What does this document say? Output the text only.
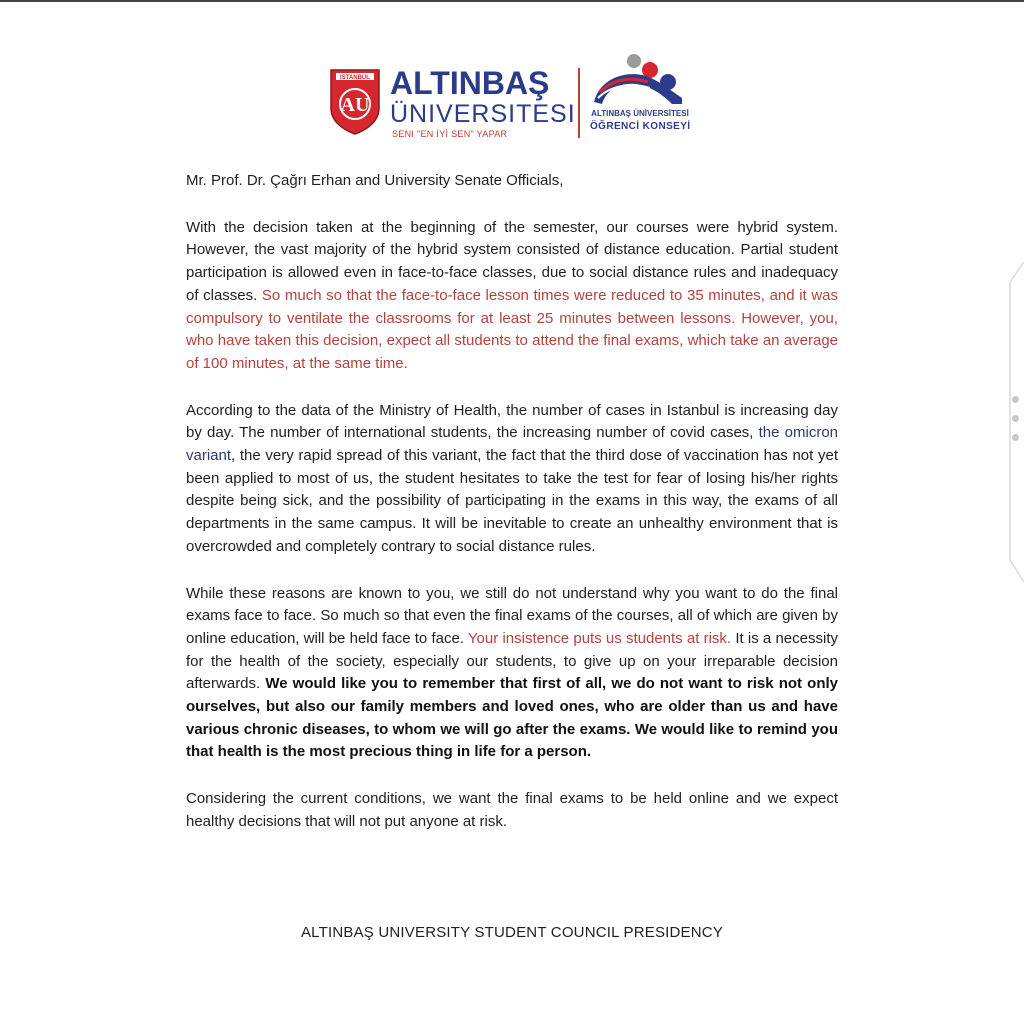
ISTANBUL
AU
ALTINBAŞ
ÜNIVERSITESI
SENI "EN İYİ SEN" YAPAR
ALTINBAŞ ÜNİVERSİTESİ
ÖĞRENCİ KONSEYİ

Mr. Prof. Dr. Çağrı Erhan and University Senate Officials,

With the decision taken at the beginning of the semester, our courses were hybrid system. However, the vast majority of the hybrid system consisted of distance education. Partial student participation is allowed even in face-to-face classes, due to social distance rules and inadequacy of classes. So much so that the face-to-face lesson times were reduced to 35 minutes, and it was compulsory to ventilate the classrooms for at least 25 minutes between lessons. However, you, who have taken this decision, expect all students to attend the final exams, which take an average of 100 minutes, at the same time.

According to the data of the Ministry of Health, the number of cases in Istanbul is increasing day by day. The number of international students, the increasing number of covid cases, the omicron variant, the very rapid spread of this variant, the fact that the third dose of vaccination has not yet been applied to most of us, the student hesitates to take the test for fear of losing his/her rights despite being sick, and the possibility of participating in the exams in this way, the exams of all departments in the same campus. It will be inevitable to create an unhealthy environment that is overcrowded and completely contrary to social distance rules.

While these reasons are known to you, we still do not understand why you want to do the final exams face to face. So much so that even the final exams of the courses, all of which are given by online education, will be held face to face. Your insistence puts us students at risk. It is a necessity for the health of the society, especially our students, to give up on your irreparable decision afterwards. We would like you to remember that first of all, we do not want to risk not only ourselves, but also our family members and loved ones, who are older than us and have various chronic diseases, to whom we will go after the exams. We would like to remind you that health is the most precious thing in life for a person.

Considering the current conditions, we want the final exams to be held online and we expect healthy decisions that will not put anyone at risk.

ALTINBAŞ UNIVERSITY STUDENT COUNCIL PRESIDENCY
